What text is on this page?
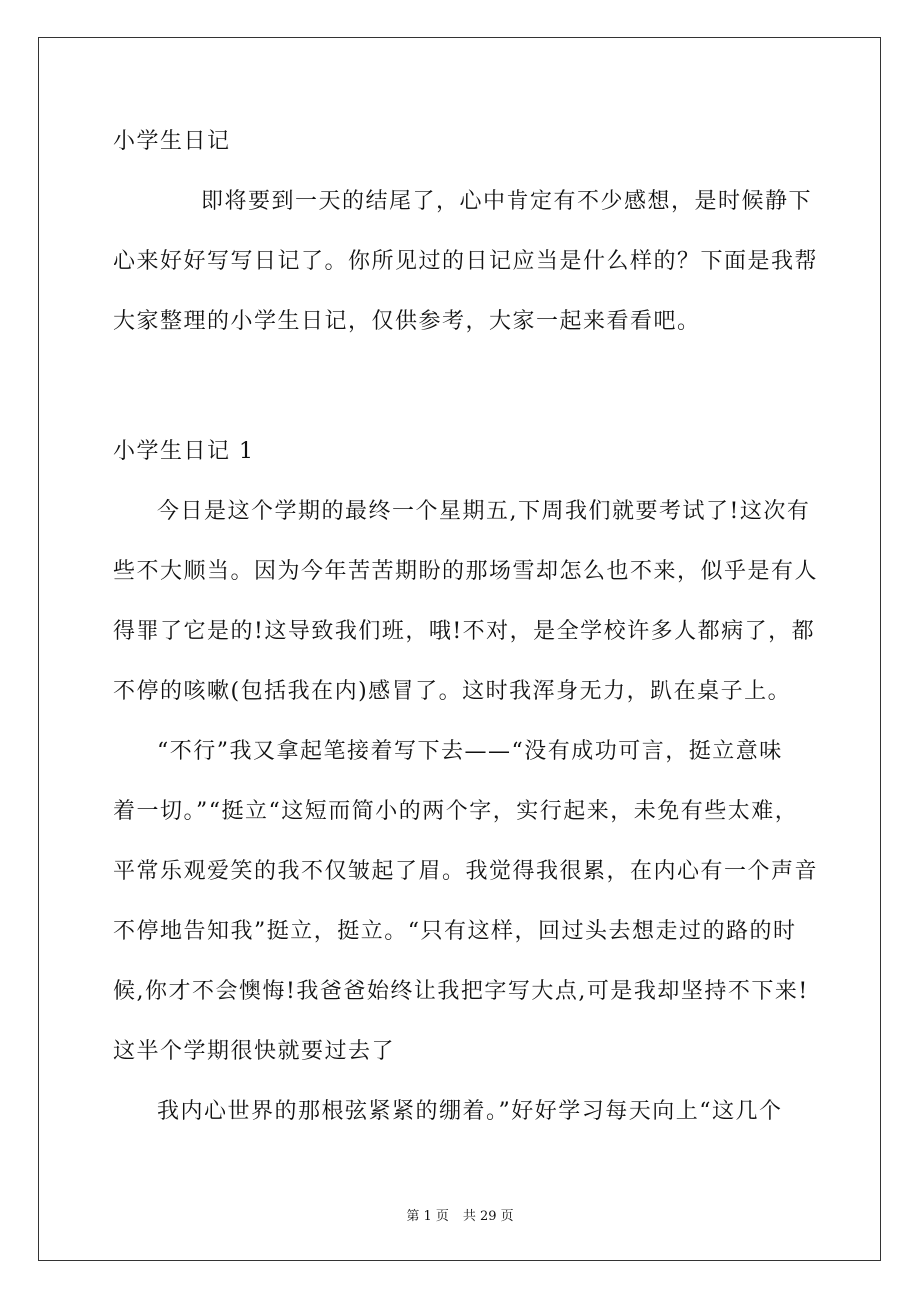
小学生日记
即将要到一天的结尾了，心中肯定有不少感想，是时候静下
心来好好写写日记了。你所见过的日记应当是什么样的？下面是我帮
大家整理的小学生日记，仅供参考，大家一起来看看吧。
小学生日记 1
今日是这个学期的最终一个星期五,下周我们就要考试了!这次有
些不大顺当。因为今年苦苦期盼的那场雪却怎么也不来，似乎是有人
得罪了它是的!这导致我们班，哦!不对，是全学校许多人都病了，都
不停的咳嗽(包括我在内)感冒了。这时我浑身无力，趴在桌子上。
“不行”我又拿起笔接着写下去——“没有成功可言，挺立意味
着一切。”“挺立“这短而简小的两个字，实行起来，未免有些太难，
平常乐观爱笑的我不仅皱起了眉。我觉得我很累，在内心有一个声音
不停地告知我”挺立，挺立。“只有这样，回过头去想走过的路的时
候,你才不会懊悔!我爸爸始终让我把字写大点,可是我却坚持不下来!
这半个学期很快就要过去了
我内心世界的那根弦紧紧的绷着。”好好学习每天向上“这几个
第 1 页 共 29 页
